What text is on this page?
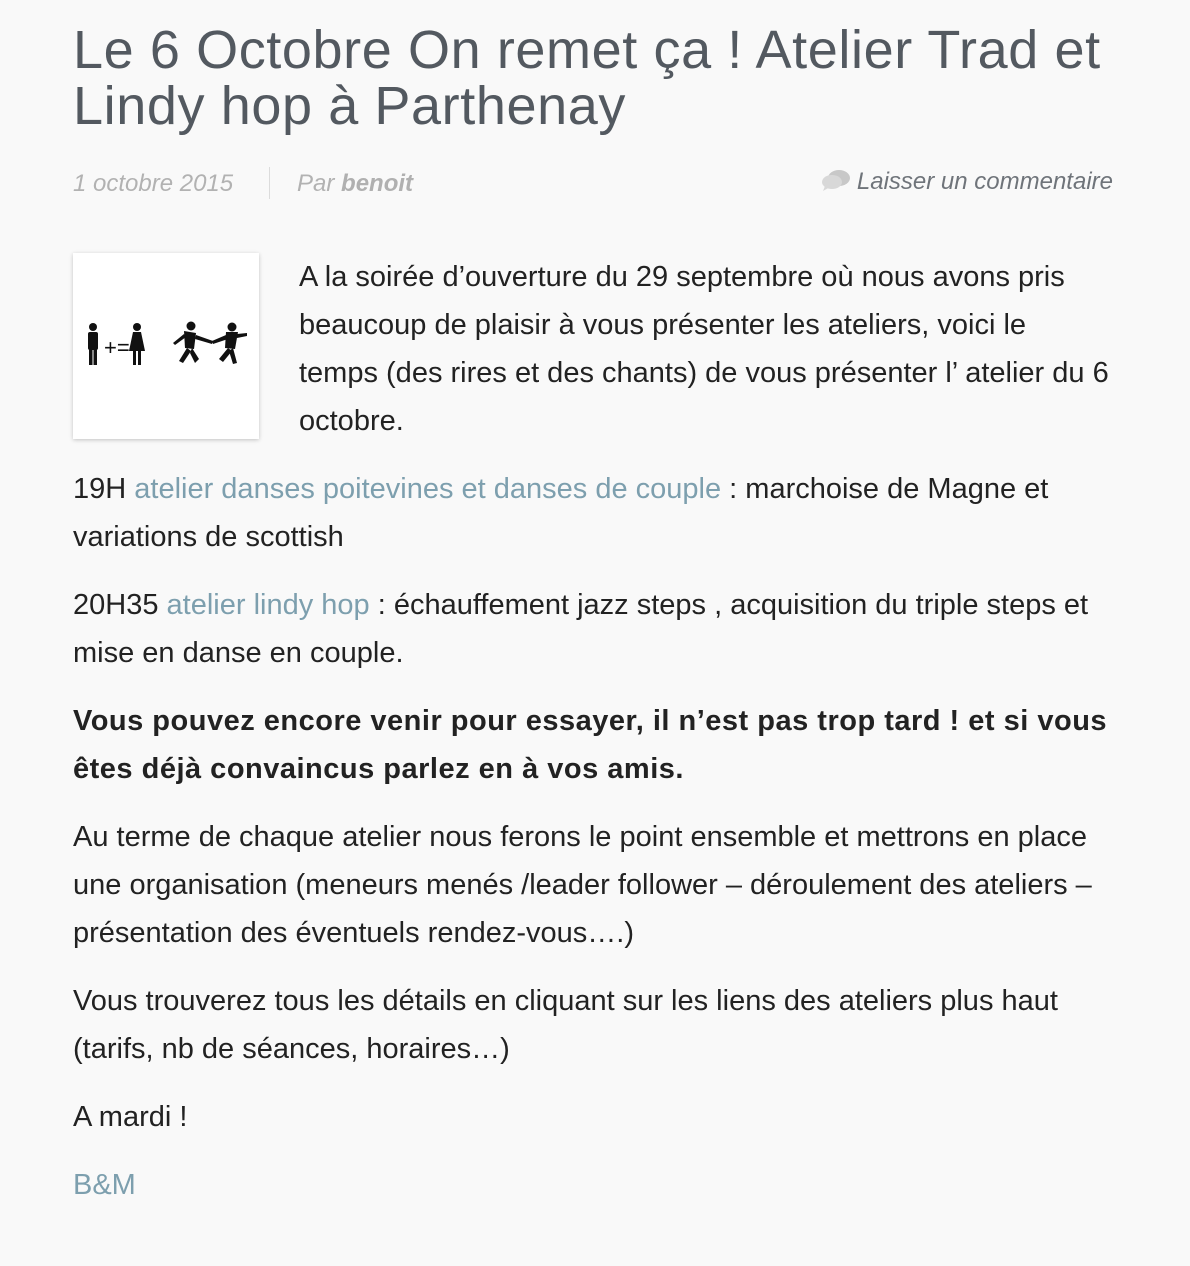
Le 6 Octobre On remet ça ! Atelier Trad et Lindy hop à Parthenay
1 octobre 2015	Par benoit	Laisser un commentaire
+=

A la soirée d’ouverture du 29 septembre où nous avons pris beaucoup de plaisir à vous présenter les ateliers, voici le temps (des rires et des chants) de vous présenter l’ atelier du 6 octobre.

19H atelier danses poitevines et danses de couple : marchoise de Magne et variations de scottish

20H35 atelier lindy hop : échauffement jazz steps , acquisition du triple steps et mise en danse en couple.

Vous pouvez encore venir pour essayer, il n’est pas trop tard ! et si vous êtes déjà convaincus parlez en à vos amis.

Au terme de chaque atelier nous ferons le point ensemble et mettrons en place une organisation (meneurs menés /leader follower – déroulement des ateliers – présentation des éventuels rendez-vous….)

Vous trouverez tous les détails en cliquant sur les liens des ateliers plus haut (tarifs, nb de séances, horaires…)

A mardi !

B&M
